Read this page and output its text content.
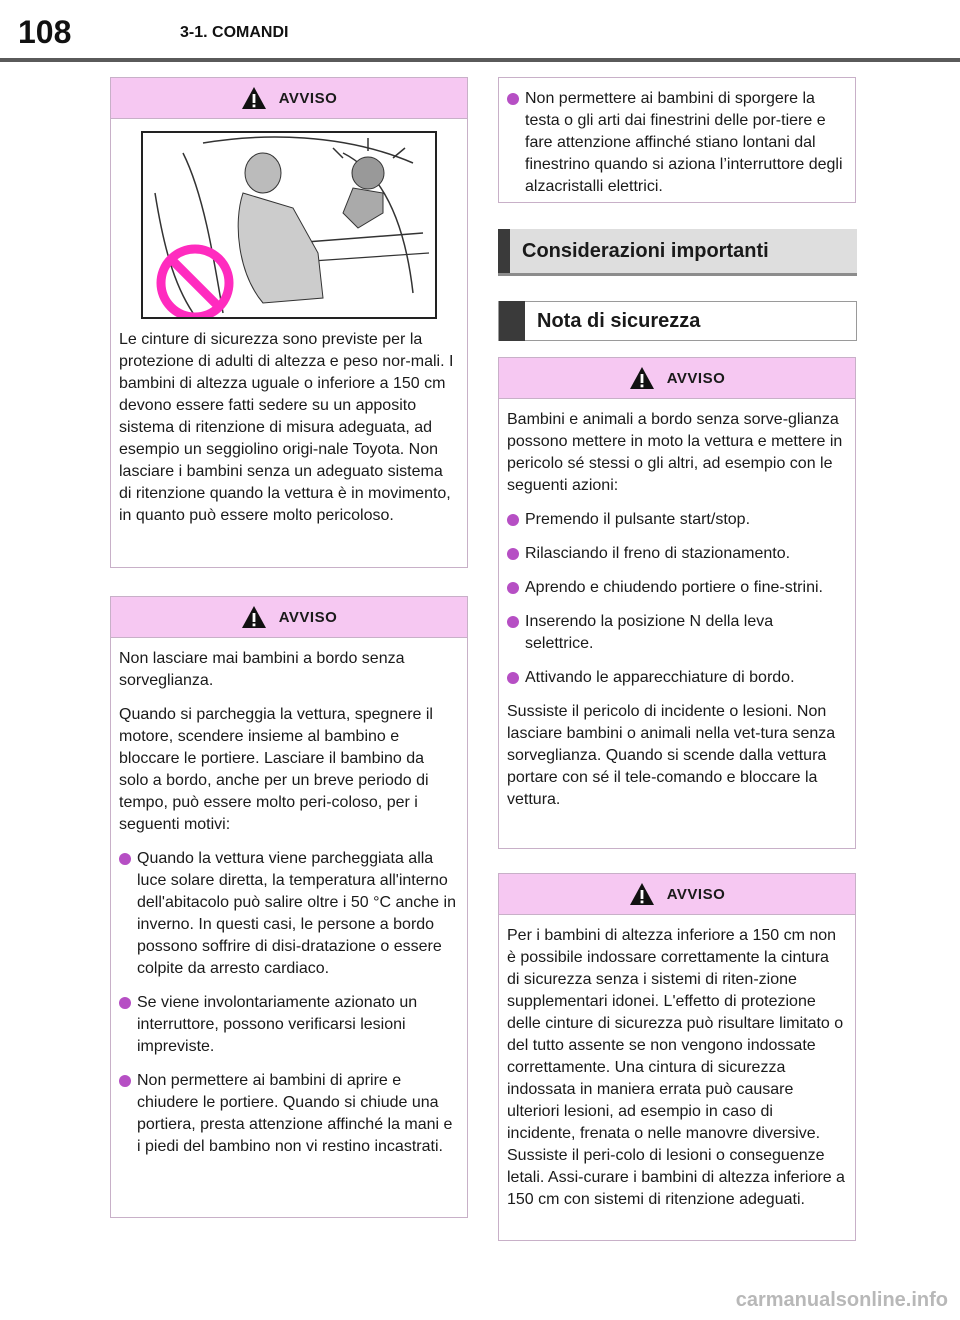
108	3-1. COMANDI
AVVISO

Le cinture di sicurezza sono previste per la protezione di adulti di altezza e peso nor-mali. I bambini di altezza uguale o inferiore a 150 cm devono essere fatti sedere su un apposito sistema di ritenzione di misura adeguata, ad esempio un seggiolino origi-nale Toyota. Non lasciare i bambini senza un adeguato sistema di ritenzione quando la vettura è in movimento, in quanto può essere molto pericoloso.

AVVISO

Non lasciare mai bambini a bordo senza sorveglianza.

Quando si parcheggia la vettura, spegnere il motore, scendere insieme al bambino e bloccare le portiere. Lasciare il bambino da solo a bordo, anche per un breve periodo di tempo, può essere molto peri-coloso, per i seguenti motivi:

Quando la vettura viene parcheggiata alla luce solare diretta, la temperatura all'interno dell'abitacolo può salire oltre i 50 °C anche in inverno. In questi casi, le persone a bordo possono soffrire di disi-dratazione o essere colpite da arresto cardiaco.
Se viene involontariamente azionato un interruttore, possono verificarsi lesioni impreviste.
Non permettere ai bambini di aprire e chiudere le portiere. Quando si chiude una portiera, presta attenzione affinché la mani e i piedi del bambino non vi restino incastrati.
Non permettere ai bambini di sporgere la testa o gli arti dai finestrini delle por-tiere e fare attenzione affinché stiano lontani dal finestrino quando si aziona l’interruttore degli alzacristalli elettrici.
Considerazioni importanti
Nota di sicurezza
AVVISO

Bambini e animali a bordo senza sorve-glianza possono mettere in moto la vettura e mettere in pericolo sé stessi o gli altri, ad esempio con le seguenti azioni:

Premendo il pulsante start/stop.
Rilasciando il freno di stazionamento.
Aprendo e chiudendo portiere o fine-strini.
Inserendo la posizione N della leva selettrice.
Attivando le apparecchiature di bordo.

Sussiste il pericolo di incidente o lesioni. Non lasciare bambini o animali nella vet-tura senza sorveglianza. Quando si scende dalla vettura portare con sé il tele-comando e bloccare la vettura.

AVVISO

Per i bambini di altezza inferiore a 150 cm non è possibile indossare correttamente la cintura di sicurezza senza i sistemi di riten-zione supplementari idonei. L'effetto di protezione delle cinture di sicurezza può risultare limitato o del tutto assente se non vengono indossate correttamente. Una cintura di sicurezza indossata in maniera errata può causare ulteriori lesioni, ad esempio in caso di incidente, frenata o nelle manovre diversive. Sussiste il peri-colo di lesioni o conseguenze letali. Assi-curare i bambini di altezza inferiore a 150 cm con sistemi di ritenzione adeguati.

carmanualsonline.info
